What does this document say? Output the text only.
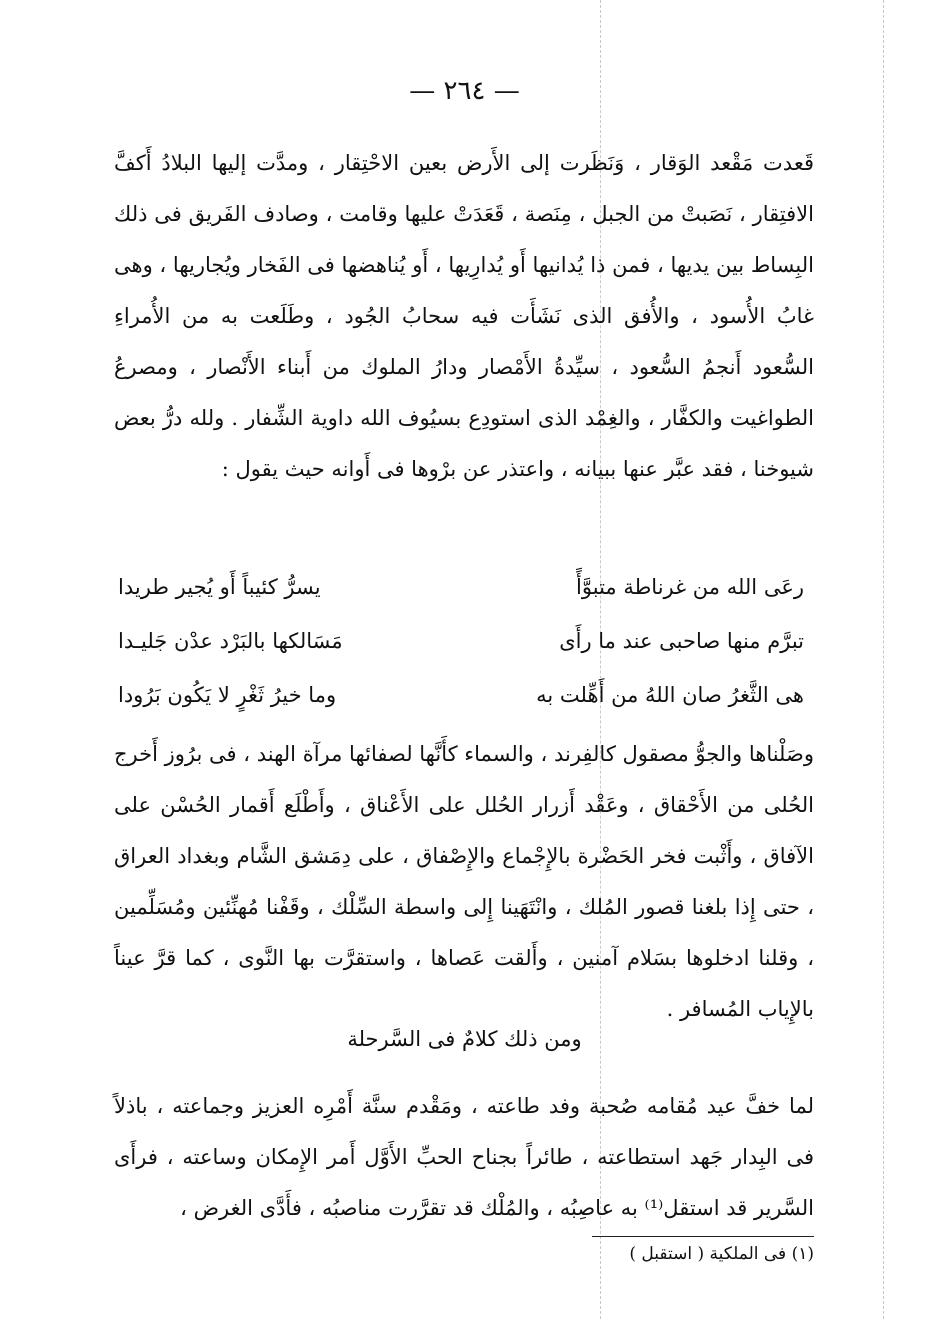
— ٢٦٤ —

قَعدت مَقْعد الوَقار ، وَنَظَرت إلى الأَرض بعين الاحْتِقار ، ومدَّت إليها البلادُ أَكفَّ الافتِقار ، نَصَبتْ من الجبل ، مِنَصة ، قَعَدَتْ عليها وقامت ، وصادف الفَريق فى ذلك البِساط بين يديها ، فمن ذا يُدانيها أَو يُدارِيها ، أَو يُناهضها فى الفَخار ويُجاريها ، وهى غابُ الأُسود ، والأُفق الذى نَشَأَت فيه سحابُ الجُود ، وطَلَعت به من الأُمراءِ السُّعود أَنجمُ السُّعود ، سيِّدةُ الأَمْصار ودارُ الملوك من أَبناء الأَنْصار ، ومصرعُ الطواغيت والكفَّار ، والغِمْد الذى استودِع بسيُوف الله داوية الشِّفار . ولله درُّ بعض شيوخنا ، فقد عبَّر عنها ببيانه ، واعتذر عن برْوها فى أَوانه حيث يقول :

رعَى الله من غرناطة متبوَّأً
يسرُّ كئيباً أَو يُجير طريدا
تبرَّم منها صاحبى عند ما رأَى
مَسَالكها بالبَرْد عدْن جَليـدا
هى الثَّغرُ صان اللهُ من أَهِّلت به
وما خيرُ ثَغْرٍ لا يَكُون بَرُودا

وصَلْناها والجوُّ مصقول كالفِرند ، والسماء كأَنَّها لصفائها مرآة الهند ، فى برُوز أَخرج الحُلى من الأَحْقاق ، وعَقْد أَزرار الحُلل على الأَعْناق ، وأَطْلَع أَقمار الحُسْن على الآفاق ، وأَثْبت فخر الحَضْرة بالإِجْماع والإِصْفاق ، على دِمَشق الشَّام وبغداد العراق ، حتى إِذا بلغنا قصور المُلك ، وانْتَهَينا إِلى واسطة السِّلْك ، وقَفْنا مُهنِّئين ومُسَلِّمين ، وقلنا ادخلوها بسَلام آمنين ، وأَلقت عَصاها ، واستقرَّت بها النَّوى ، كما قرَّ عيناً بالإِياب المُسافر .

ومن ذلك كلامٌ فى السَّرحلة

لما خفَّ عيد مُقامه صُحبة وفد طاعته ، ومَقْدم سنَّة أَمْرِه العزيز وجماعته ، باذلاً فى البِدار جَهد استطاعته ، طائراً بجناح الحبِّ الأَوَّل أَمر الإِمكان وساعته ، فرأَى السَّرير قد استقل⁽¹⁾ به عاصِبُه ، والمُلْك قد تقرَّرت مناصبُه ، فأَدَّى الغرض ،

(١) فى الملكية ( استقبل )
